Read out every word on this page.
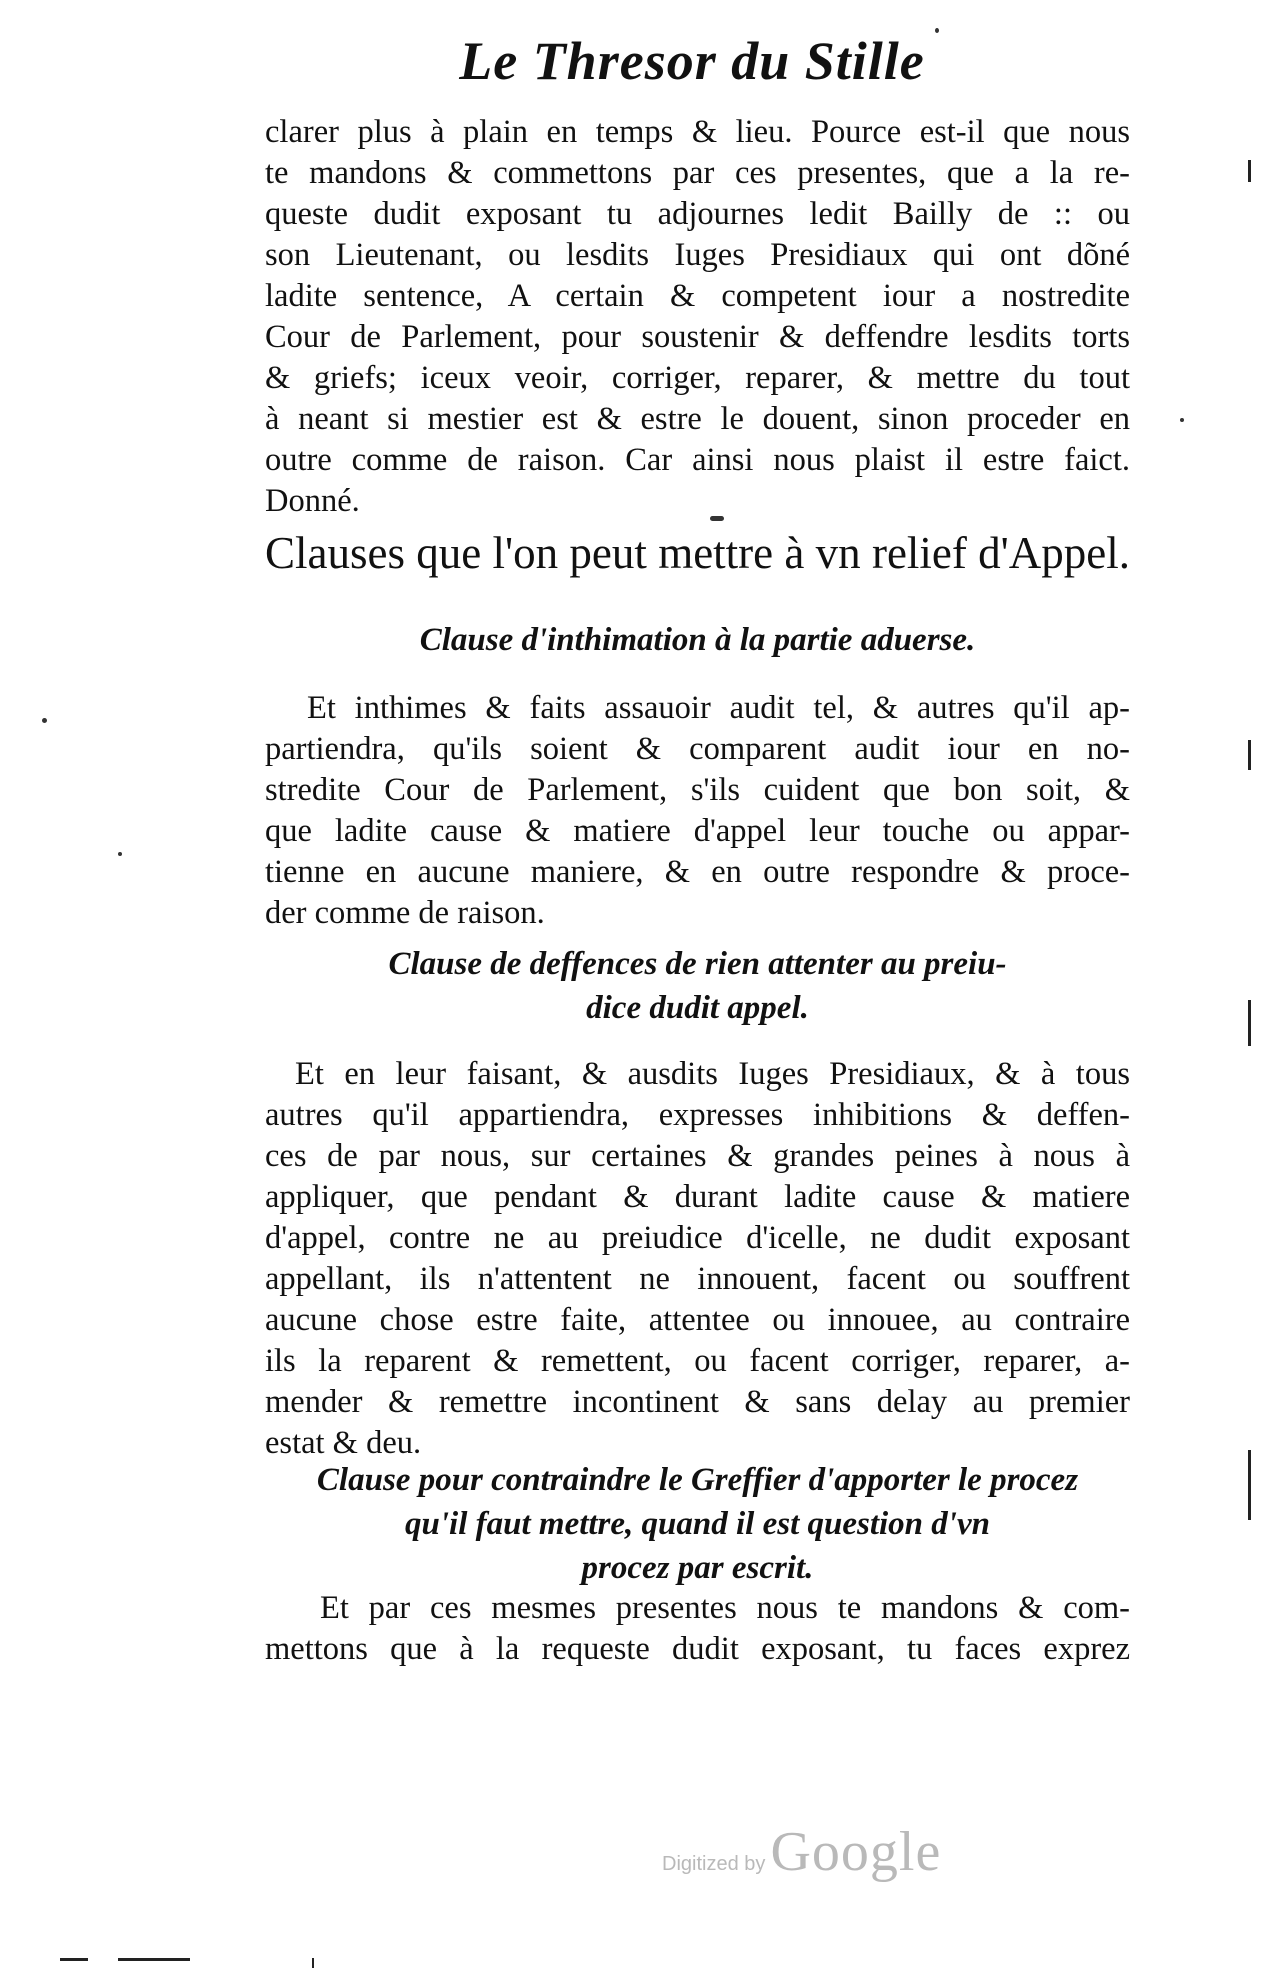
Le Thresor du Stille
clarer plus à plain en temps & lieu. Pource est-il que nous
te mandons & commettons par ces presentes, que a la re-
queste dudit exposant tu adjournes ledit Bailly de :: ou
son Lieutenant, ou lesdits Iuges Presidiaux qui ont dõné
ladite sentence, A certain & competent iour a nostredite
Cour de Parlement, pour soustenir & deffendre lesdits torts
& griefs; iceux veoir, corriger, reparer, & mettre du tout
à neant si mestier est & estre le douent, sinon proceder en
outre comme de raison. Car ainsi nous plaist il estre faict.
Donné.
Clauses que l'on peut mettre à vn relief d'Appel.
Clause d'inthimation à la partie aduerse.
Et inthimes & faits assauoir audit tel, & autres qu'il ap-
partiendra, qu'ils soient & comparent audit iour en no-
stredite Cour de Parlement, s'ils cuident que bon soit, &
que ladite cause & matiere d'appel leur touche ou appar-
tienne en aucune maniere, & en outre respondre & proce-
der comme de raison.
Clause de deffences de rien attenter au preiu-
dice dudit appel.
Et en leur faisant, & ausdits Iuges Presidiaux, & à tous
autres qu'il appartiendra, expresses inhibitions & deffen-
ces de par nous, sur certaines & grandes peines à nous à
appliquer, que pendant & durant ladite cause & matiere
d'appel, contre ne au preiudice d'icelle, ne dudit exposant
appellant, ils n'attentent ne innouent, facent ou souffrent
aucune chose estre faite, attentee ou innouee, au contraire
ils la reparent & remettent, ou facent corriger, reparer, a-
mender & remettre incontinent & sans delay au premier
estat & deu.
Clause pour contraindre le Greffier d'apporter le procez
qu'il faut mettre, quand il est question d'vn
procez par escrit.
Et par ces mesmes presentes nous te mandons & com-
mettons que à la requeste dudit exposant, tu faces exprez
Digitized by Google
